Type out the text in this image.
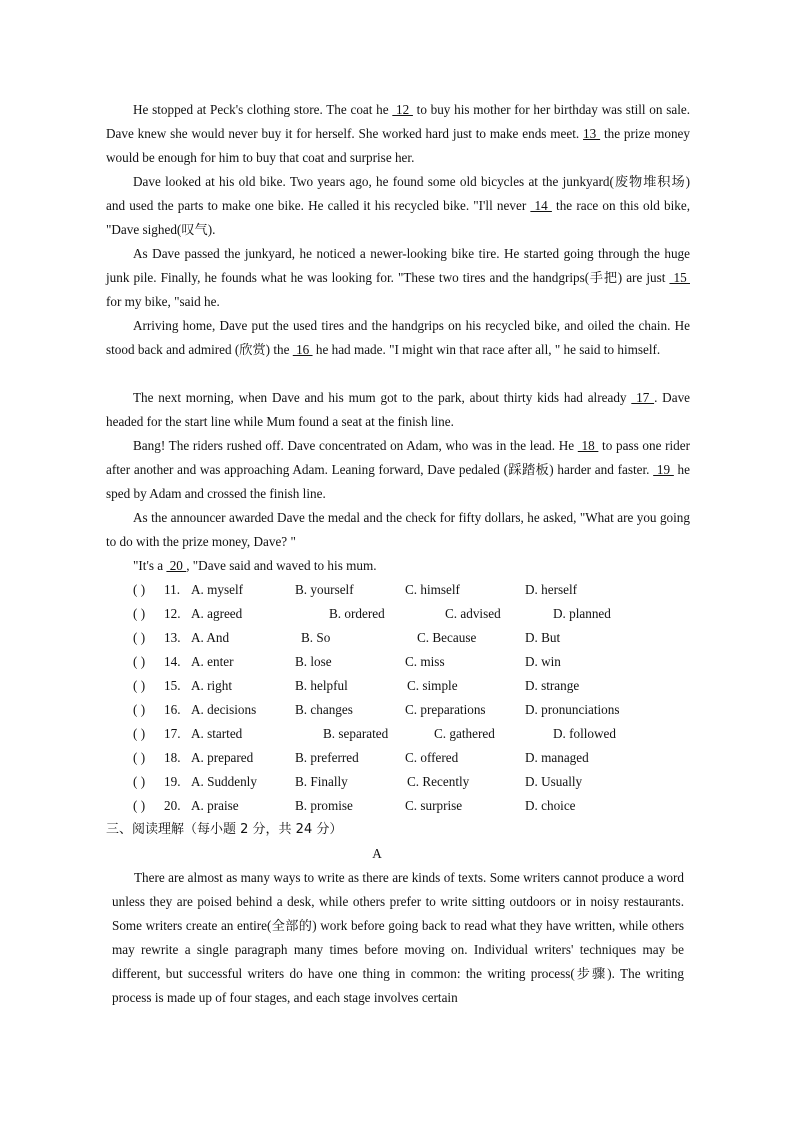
He stopped at Peck's clothing store. The coat he  12  to buy his mother for her birthday was still on sale. Dave knew she would never buy it for herself. She worked hard just to make ends meet. 13  the prize money would be enough for him to buy that coat and surprise her.

Dave looked at his old bike. Two years ago, he found some old bicycles at the junkyard(废物堆积场) and used the parts to make one bike. He called it his recycled bike. "I'll never  14  the race on this old bike, "Dave sighed(叹气).

As Dave passed the junkyard, he noticed a newer-looking bike tire. He started going through the huge junk pile. Finally, he founds what he was looking for. "These two tires and the handgrips(手把) are just  15  for my bike, "said he.

Arriving home, Dave put the used tires and the handgrips on his recycled bike, and oiled the chain. He stood back and admired (欣赏) the  16  he had made. "I might win that race after all, " he said to himself.

The next morning, when Dave and his mum got to the park, about thirty kids had already  17 . Dave headed for the start line while Mum found a seat at the finish line.

Bang! The riders rushed off. Dave concentrated on Adam, who was in the lead. He  18  to pass one rider after another and was approaching Adam. Leaning forward, Dave pedaled (踩踏板) harder and faster.  19  he sped by Adam and crossed the finish line.

As the announcer awarded Dave the medal and the check for fifty dollars, he asked, "What are you going to do with the prize money, Dave? "

"It's a  20 , "Dave said and waved to his mum.

( ) 11. A. myself	B. yourself	C. himself	D. herself
( ) 12. A. agreed	B. ordered	C. advised	D. planned
( ) 13. A. And	B. So	C. Because	D. But
( ) 14. A. enter	B. lose	C. miss	D. win
( ) 15. A. right	B. helpful	C. simple	D. strange
( ) 16. A. decisions	B. changes	C. preparations	D. pronunciations
( ) 17. A. started	B. separated	C. gathered	D. followed
( ) 18. A. prepared	B. preferred	C. offered	D. managed
( ) 19. A. Suddenly	B. Finally	C. Recently	D. Usually
( ) 20. A. praise	B. promise	C. surprise	D. choice
三、阅读理解（每小题 2 分，共 24 分）
A

There are almost as many ways to write as there are kinds of texts. Some writers cannot produce a word unless they are poised behind a desk, while others prefer to write sitting outdoors or in noisy restaurants. Some writers create an entire(全部的) work before going back to read what they have written, while others may rewrite a single paragraph many times before moving on. Individual writers' techniques may be different, but successful writers do have one thing in common: the writing process(步骤). The writing process is made up of four stages, and each stage involves certain
